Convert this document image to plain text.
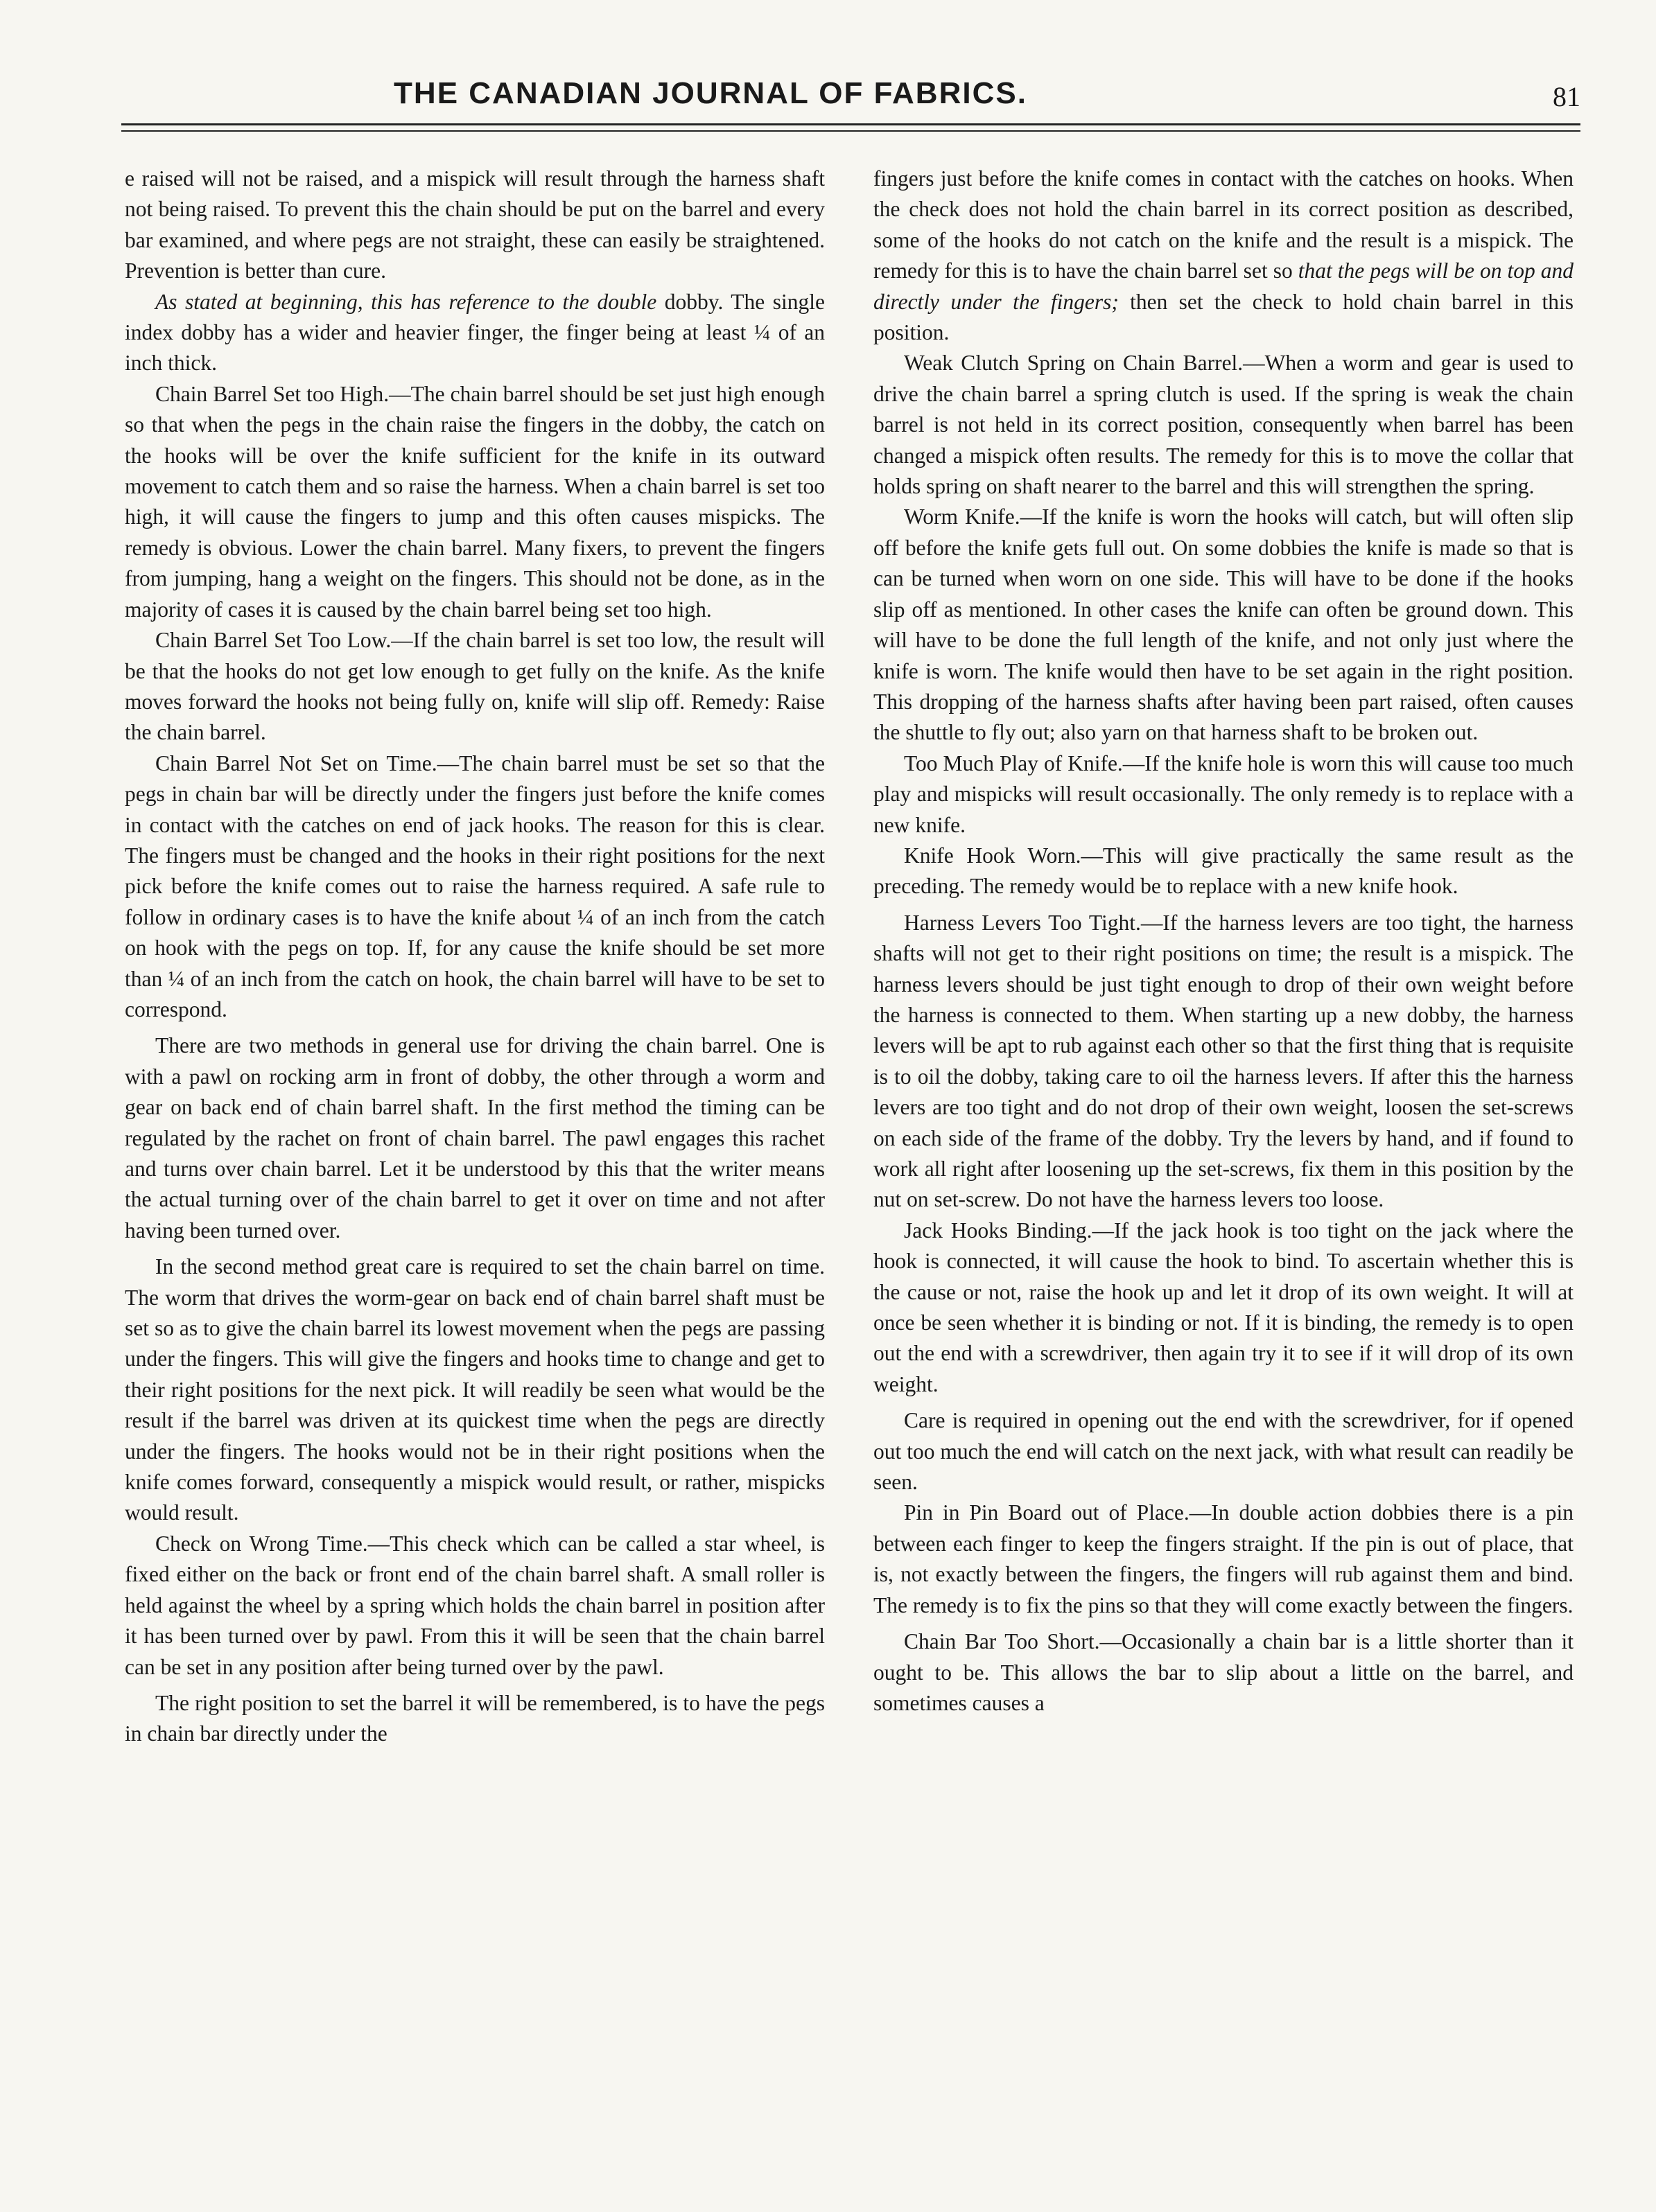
THE CANADIAN JOURNAL OF FABRICS.	81

e raised will not be raised, and a mispick will result through the harness shaft not being raised. To prevent this the chain should be put on the barrel and every bar examined, and where pegs are not straight, these can easily be straightened. Prevention is better than cure.

As stated at beginning, this has reference to the double dobby. The single index dobby has a wider and heavier finger, the finger being at least ¼ of an inch thick.

Chain Barrel Set too High.—The chain barrel should be set just high enough so that when the pegs in the chain raise the fingers in the dobby, the catch on the hooks will be over the knife sufficient for the knife in its outward movement to catch them and so raise the harness. When a chain barrel is set too high, it will cause the fingers to jump and this often causes mispicks. The remedy is obvious. Lower the chain barrel. Many fixers, to prevent the fingers from jumping, hang a weight on the fingers. This should not be done, as in the majority of cases it is caused by the chain barrel being set too high.

Chain Barrel Set Too Low.—If the chain barrel is set too low, the result will be that the hooks do not get low enough to get fully on the knife. As the knife moves forward the hooks not being fully on, knife will slip off. Remedy: Raise the chain barrel.

Chain Barrel Not Set on Time.—The chain barrel must be set so that the pegs in chain bar will be directly under the fingers just before the knife comes in contact with the catches on end of jack hooks. The reason for this is clear. The fingers must be changed and the hooks in their right positions for the next pick before the knife comes out to raise the harness required. A safe rule to follow in ordinary cases is to have the knife about ¼ of an inch from the catch on hook with the pegs on top. If, for any cause the knife should be set more than ¼ of an inch from the catch on hook, the chain barrel will have to be set to correspond.

There are two methods in general use for driving the chain barrel. One is with a pawl on rocking arm in front of dobby, the other through a worm and gear on back end of chain barrel shaft. In the first method the timing can be regulated by the rachet on front of chain barrel. The pawl engages this rachet and turns over chain barrel. Let it be understood by this that the writer means the actual turning over of the chain barrel to get it over on time and not after having been turned over.

In the second method great care is required to set the chain barrel on time. The worm that drives the worm-gear on back end of chain barrel shaft must be set so as to give the chain barrel its lowest movement when the pegs are passing under the fingers. This will give the fingers and hooks time to change and get to their right positions for the next pick. It will readily be seen what would be the result if the barrel was driven at its quickest time when the pegs are directly under the fingers. The hooks would not be in their right positions when the knife comes forward, consequently a mispick would result, or rather, mispicks would result.

Check on Wrong Time.—This check which can be called a star wheel, is fixed either on the back or front end of the chain barrel shaft. A small roller is held against the wheel by a spring which holds the chain barrel in position after it has been turned over by pawl. From this it will be seen that the chain barrel can be set in any position after being turned over by the pawl.

The right position to set the barrel it will be remembered, is to have the pegs in chain bar directly under the

fingers just before the knife comes in contact with the catches on hooks. When the check does not hold the chain barrel in its correct position as described, some of the hooks do not catch on the knife and the result is a mispick. The remedy for this is to have the chain barrel set so that the pegs will be on top and directly under the fingers; then set the check to hold chain barrel in this position.

Weak Clutch Spring on Chain Barrel.—When a worm and gear is used to drive the chain barrel a spring clutch is used. If the spring is weak the chain barrel is not held in its correct position, consequently when barrel has been changed a mispick often results. The remedy for this is to move the collar that holds spring on shaft nearer to the barrel and this will strengthen the spring.

Worm Knife.—If the knife is worn the hooks will catch, but will often slip off before the knife gets full out. On some dobbies the knife is made so that is can be turned when worn on one side. This will have to be done if the hooks slip off as mentioned. In other cases the knife can often be ground down. This will have to be done the full length of the knife, and not only just where the knife is worn. The knife would then have to be set again in the right position. This dropping of the harness shafts after having been part raised, often causes the shuttle to fly out; also yarn on that harness shaft to be broken out.

Too Much Play of Knife.—If the knife hole is worn this will cause too much play and mispicks will result occasionally. The only remedy is to replace with a new knife.

Knife Hook Worn.—This will give practically the same result as the preceding. The remedy would be to replace with a new knife hook.

Harness Levers Too Tight.—If the harness levers are too tight, the harness shafts will not get to their right positions on time; the result is a mispick. The harness levers should be just tight enough to drop of their own weight before the harness is connected to them. When starting up a new dobby, the harness levers will be apt to rub against each other so that the first thing that is requisite is to oil the dobby, taking care to oil the harness levers. If after this the harness levers are too tight and do not drop of their own weight, loosen the set-screws on each side of the frame of the dobby. Try the levers by hand, and if found to work all right after loosening up the set-screws, fix them in this position by the nut on set-screw. Do not have the harness levers too loose.

Jack Hooks Binding.—If the jack hook is too tight on the jack where the hook is connected, it will cause the hook to bind. To ascertain whether this is the cause or not, raise the hook up and let it drop of its own weight. It will at once be seen whether it is binding or not. If it is binding, the remedy is to open out the end with a screwdriver, then again try it to see if it will drop of its own weight.

Care is required in opening out the end with the screwdriver, for if opened out too much the end will catch on the next jack, with what result can readily be seen.

Pin in Pin Board out of Place.—In double action dobbies there is a pin between each finger to keep the fingers straight. If the pin is out of place, that is, not exactly between the fingers, the fingers will rub against them and bind. The remedy is to fix the pins so that they will come exactly between the fingers.

Chain Bar Too Short.—Occasionally a chain bar is a little shorter than it ought to be. This allows the bar to slip about a little on the barrel, and sometimes causes a
